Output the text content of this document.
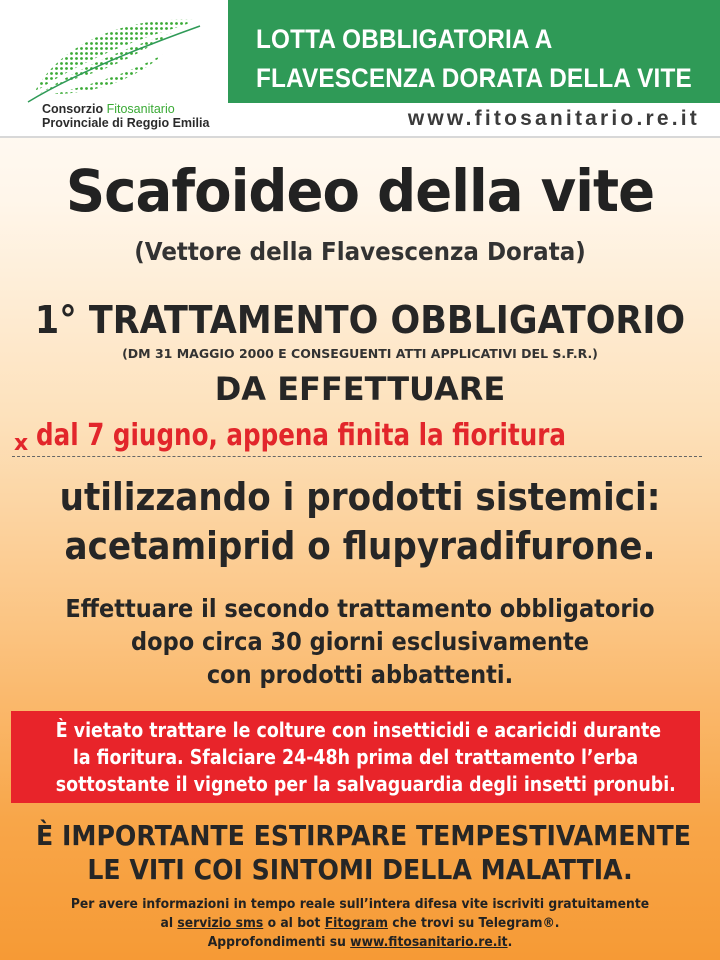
Consorzio Fitosanitario
Provinciale di Reggio Emilia
LOTTA OBBLIGATORIA A
FLAVESCENZA DORATA DELLA VITE
www.fitosanitario.re.it
Scafoideo della vite
(Vettore della Flavescenza Dorata)
1° TRATTAMENTO OBBLIGATORIO
(DM 31 MAGGIO 2000 E CONSEGUENTI ATTI APPLICATIVI DEL S.F.R.)
DA EFFETTUARE
x dal 7 giugno, appena finita la fioritura
utilizzando i prodotti sistemici:
acetamiprid o flupyradifurone.
Effettuare il secondo trattamento obbligatorio
dopo circa 30 giorni esclusivamente
con prodotti abbattenti.
È vietato trattare le colture con insetticidi e acaricidi durante
la fioritura. Sfalciare 24-48h prima del trattamento l’erba
sottostante il vigneto per la salvaguardia degli insetti pronubi.
È IMPORTANTE ESTIRPARE TEMPESTIVAMENTE
LE VITI COI SINTOMI DELLA MALATTIA.
Per avere informazioni in tempo reale sull’intera difesa vite iscriviti gratuitamente
al servizio sms o al bot Fitogram che trovi su Telegram®.
Approfondimenti su www.fitosanitario.re.it.
